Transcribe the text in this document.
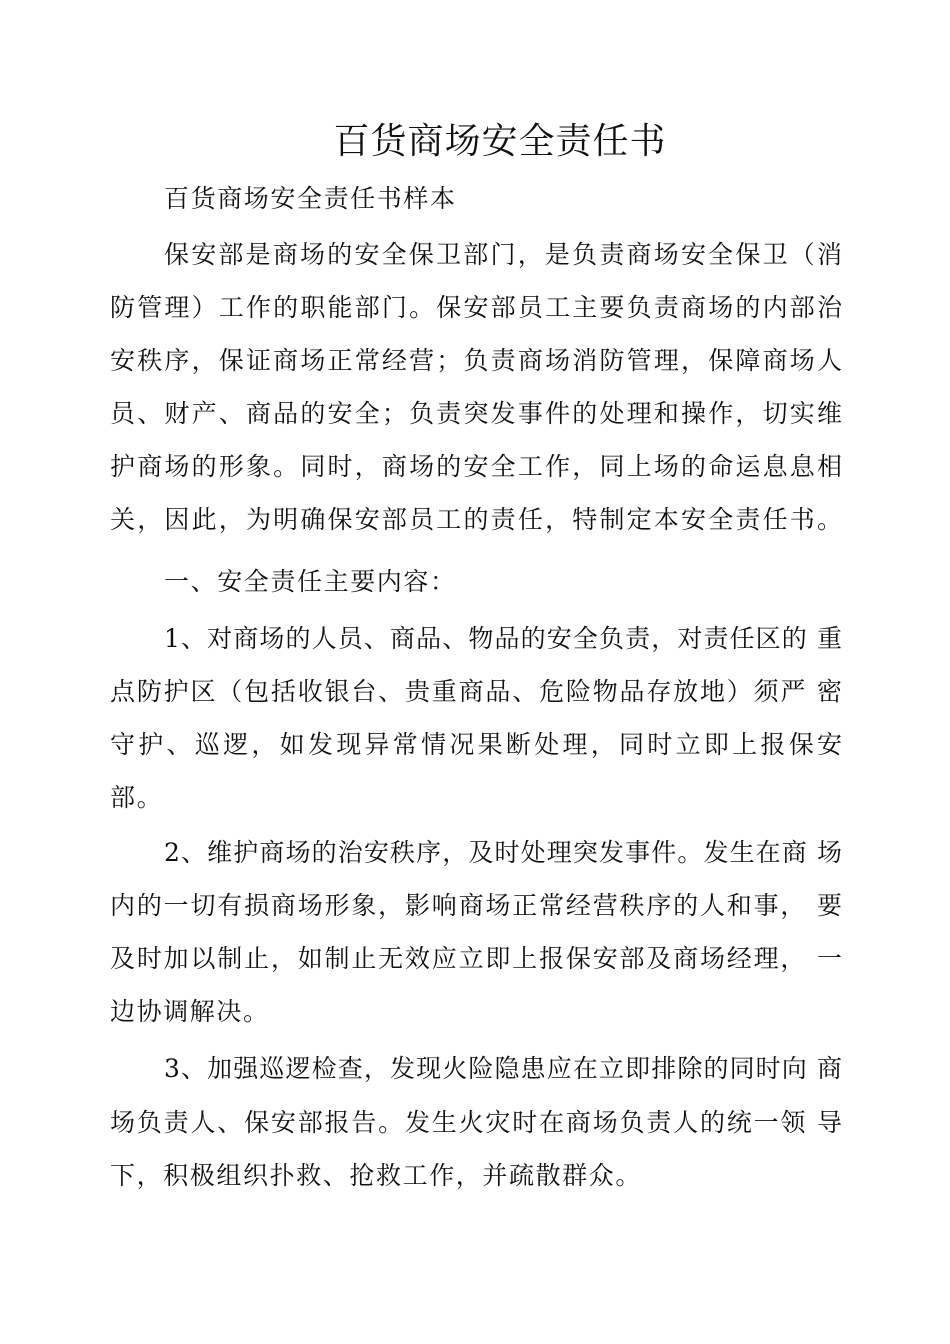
百货商场安全责任书
百货商场安全责任书样本
保安部是商场的安全保卫部门，是负责商场安全保卫（消
防管理）工作的职能部门。保安部员工主要负责商场的内部治
安秩序，保证商场正常经营；负责商场消防管理，保障商场人
员、财产、商品的安全；负责突发事件的处理和操作，切实维
护商场的形象。同时，商场的安全工作，同上场的命运息息相
关，因此，为明确保安部员工的责任，特制定本安全责任书。
一、安全责任主要内容：
1、对商场的人员、商品、物品的安全负责，对责任区的 重
点防护区（包括收银台、贵重商品、危险物品存放地）须严 密
守护、巡逻，如发现异常情况果断处理，同时立即上报保安
部。
2、维护商场的治安秩序，及时处理突发事件。发生在商 场
内的一切有损商场形象，影响商场正常经营秩序的人和事， 要
及时加以制止，如制止无效应立即上报保安部及商场经理， 一
边协调解决。
3、加强巡逻检查，发现火险隐患应在立即排除的同时向 商
场负责人、保安部报告。发生火灾时在商场负责人的统一领 导
下，积极组织扑救、抢救工作，并疏散群众。
